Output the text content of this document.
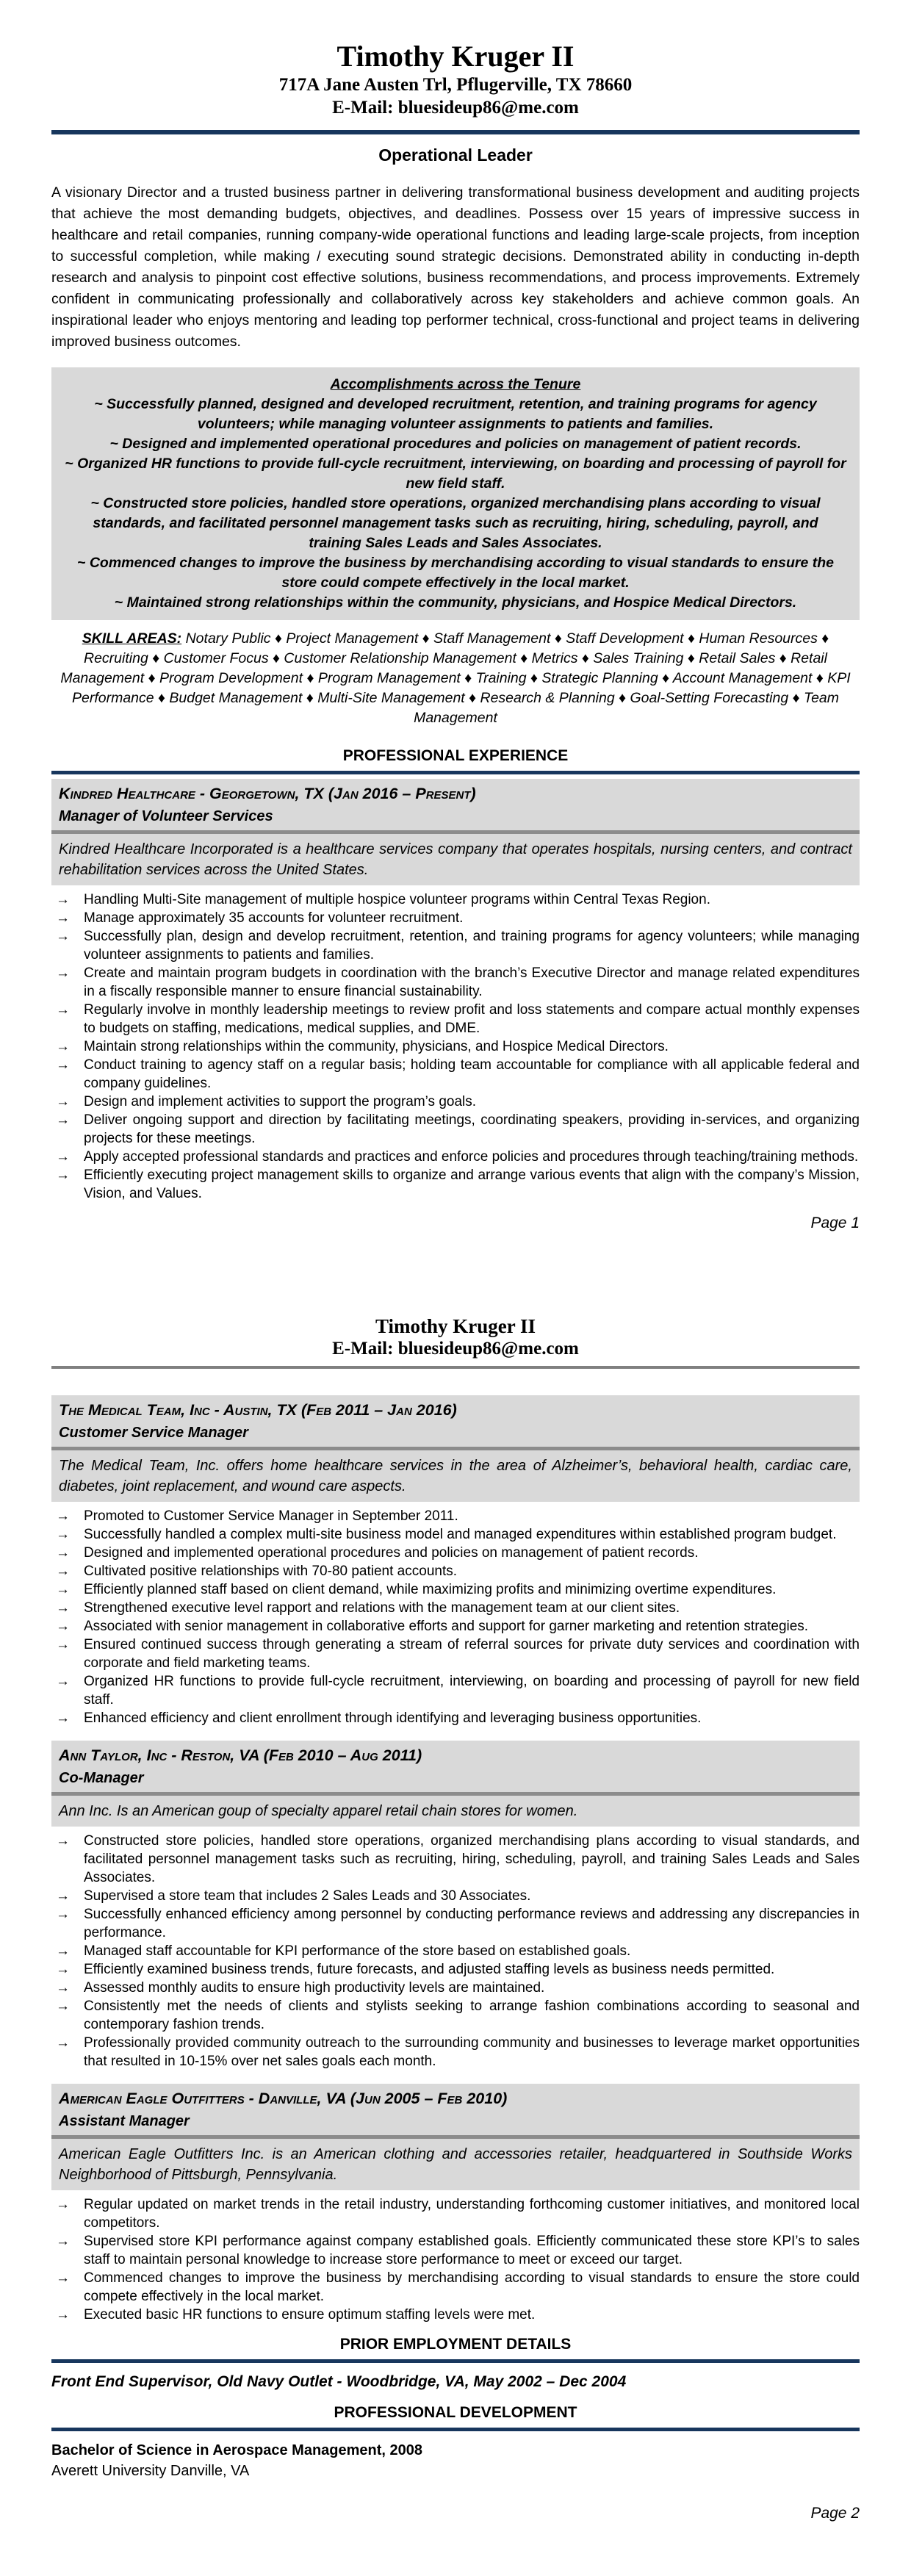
Timothy Kruger II
717A Jane Austen Trl, Pflugerville, TX 78660
E-Mail: bluesideup86@me.com
Operational Leader

A visionary Director and a trusted business partner in delivering transformational business development and auditing projects that achieve the most demanding budgets, objectives, and deadlines. Possess over 15 years of impressive success in healthcare and retail companies, running company-wide operational functions and leading large-scale projects, from inception to successful completion, while making / executing sound strategic decisions. Demonstrated ability in conducting in-depth research and analysis to pinpoint cost effective solutions, business recommendations, and process improvements. Extremely confident in communicating professionally and collaboratively across key stakeholders and achieve common goals. An inspirational leader who enjoys mentoring and leading top performer technical, cross-functional and project teams in delivering improved business outcomes.

Accomplishments across the Tenure
~ Successfully planned, designed and developed recruitment, retention, and training programs for agency volunteers; while managing volunteer assignments to patients and families.
~ Designed and implemented operational procedures and policies on management of patient records.
~ Organized HR functions to provide full-cycle recruitment, interviewing, on boarding and processing of payroll for new field staff.
~ Constructed store policies, handled store operations, organized merchandising plans according to visual standards, and facilitated personnel management tasks such as recruiting, hiring, scheduling, payroll, and training Sales Leads and Sales Associates.
~ Commenced changes to improve the business by merchandising according to visual standards to ensure the store could compete effectively in the local market.
~ Maintained strong relationships within the community, physicians, and Hospice Medical Directors.

SKILL AREAS: Notary Public ♦ Project Management ♦ Staff Management ♦ Staff Development ♦ Human Resources ♦ Recruiting ♦ Customer Focus ♦ Customer Relationship Management ♦ Metrics ♦ Sales Training ♦ Retail Sales ♦ Retail Management ♦ Program Development ♦ Program Management ♦ Training ♦ Strategic Planning ♦ Account Management ♦ KPI Performance ♦ Budget Management ♦ Multi-Site Management ♦ Research & Planning ♦ Goal-Setting Forecasting ♦ Team Management

PROFESSIONAL EXPERIENCE
Kindred Healthcare - Georgetown, TX (Jan 2016 – Present)
Manager of Volunteer Services
Kindred Healthcare Incorporated is a healthcare services company that operates hospitals, nursing centers, and contract rehabilitation services across the United States.
→ Handling Multi-Site management of multiple hospice volunteer programs within Central Texas Region.
→ Manage approximately 35 accounts for volunteer recruitment.
→ Successfully plan, design and develop recruitment, retention, and training programs for agency volunteers; while managing volunteer assignments to patients and families.
→ Create and maintain program budgets in coordination with the branch’s Executive Director and manage related expenditures in a fiscally responsible manner to ensure financial sustainability.
→ Regularly involve in monthly leadership meetings to review profit and loss statements and compare actual monthly expenses to budgets on staffing, medications, medical supplies, and DME.
→ Maintain strong relationships within the community, physicians, and Hospice Medical Directors.
→ Conduct training to agency staff on a regular basis; holding team accountable for compliance with all applicable federal and company guidelines.
→ Design and implement activities to support the program’s goals.
→ Deliver ongoing support and direction by facilitating meetings, coordinating speakers, providing in-services, and organizing projects for these meetings.
→ Apply accepted professional standards and practices and enforce policies and procedures through teaching/training methods.
→ Efficiently executing project management skills to organize and arrange various events that align with the company’s Mission, Vision, and Values.
Page 1
Timothy Kruger II
E-Mail: bluesideup86@me.com
The Medical Team, Inc - Austin, TX (Feb 2011 – Jan 2016)
Customer Service Manager
The Medical Team, Inc. offers home healthcare services in the area of Alzheimer’s, behavioral health, cardiac care, diabetes, joint replacement, and wound care aspects.
→ Promoted to Customer Service Manager in September 2011.
→ Successfully handled a complex multi-site business model and managed expenditures within established program budget.
→ Designed and implemented operational procedures and policies on management of patient records.
→ Cultivated positive relationships with 70-80 patient accounts.
→ Efficiently planned staff based on client demand, while maximizing profits and minimizing overtime expenditures.
→ Strengthened executive level rapport and relations with the management team at our client sites.
→ Associated with senior management in collaborative efforts and support for garner marketing and retention strategies.
→ Ensured continued success through generating a stream of referral sources for private duty services and coordination with corporate and field marketing teams.
→ Organized HR functions to provide full-cycle recruitment, interviewing, on boarding and processing of payroll for new field staff.
→ Enhanced efficiency and client enrollment through identifying and leveraging business opportunities.
Ann Taylor, Inc - Reston, VA (Feb 2010 – Aug 2011)
Co-Manager
Ann Inc. Is an American goup of specialty apparel retail chain stores for women.
→ Constructed store policies, handled store operations, organized merchandising plans according to visual standards, and facilitated personnel management tasks such as recruiting, hiring, scheduling, payroll, and training Sales Leads and Sales Associates.
→ Supervised a store team that includes 2 Sales Leads and 30 Associates.
→ Successfully enhanced efficiency among personnel by conducting performance reviews and addressing any discrepancies in performance.
→ Managed staff accountable for KPI performance of the store based on established goals.
→ Efficiently examined business trends, future forecasts, and adjusted staffing levels as business needs permitted.
→ Assessed monthly audits to ensure high productivity levels are maintained.
→ Consistently met the needs of clients and stylists seeking to arrange fashion combinations according to seasonal and contemporary fashion trends.
→ Professionally provided community outreach to the surrounding community and businesses to leverage market opportunities that resulted in 10-15% over net sales goals each month.
American Eagle Outfitters - Danville, VA (Jun 2005 – Feb 2010)
Assistant Manager
American Eagle Outfitters Inc. is an American clothing and accessories retailer, headquartered in Southside Works Neighborhood of Pittsburgh, Pennsylvania.
→ Regular updated on market trends in the retail industry, understanding forthcoming customer initiatives, and monitored local competitors.
→ Supervised store KPI performance against company established goals. Efficiently communicated these store KPI’s to sales staff to maintain personal knowledge to increase store performance to meet or exceed our target.
→ Commenced changes to improve the business by merchandising according to visual standards to ensure the store could compete effectively in the local market.
→ Executed basic HR functions to ensure optimum staffing levels were met.
PRIOR EMPLOYMENT DETAILS
Front End Supervisor, Old Navy Outlet - Woodbridge, VA, May 2002 – Dec 2004
PROFESSIONAL DEVELOPMENT
Bachelor of Science in Aerospace Management, 2008
Averett University Danville, VA
Page 2
